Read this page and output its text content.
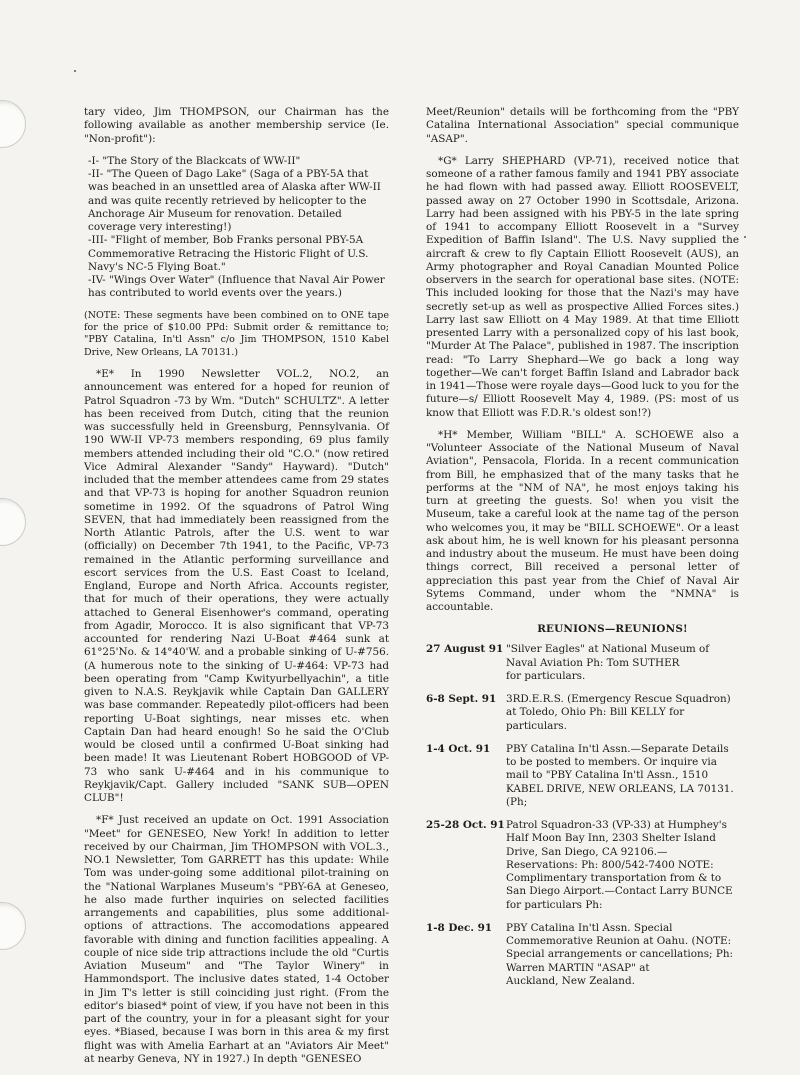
tary video, Jim THOMPSON, our Chairman has the following available as another membership service (Ie. "Non-profit"):

-I- "The Story of the Blackcats of WW-II"
-II- "The Queen of Dago Lake" (Saga of a PBY-5A that was beached in an unsettled area of Alaska after WW-II and was quite recently retrieved by helicopter to the Anchorage Air Museum for renovation. Detailed coverage very interesting!)
-III- "Flight of member, Bob Franks personal PBY-5A Commemorative Retracing the Historic Flight of U.S. Navy's NC-5 Flying Boat."
-IV- "Wings Over Water" (Influence that Naval Air Power has contributed to world events over the years.)

(NOTE: These segments have been combined on to ONE tape for the price of $10.00 PPd: Submit order & remittance to; "PBY Catalina, In'tl Assn" c/o Jim THOMPSON, 1510 Kabel Drive, New Orleans, LA 70131.)

*E* In 1990 Newsletter VOL.2, NO.2, an announcement was entered for a hoped for reunion of Patrol Squadron -73 by Wm. "Dutch" SCHULTZ". A letter has been received from Dutch, citing that the reunion was successfully held in Greensburg, Pennsylvania. Of 190 WW-II VP-73 members responding, 69 plus family members attended including their old "C.O." (now retired Vice Admiral Alexander "Sandy" Hayward). "Dutch" included that the member attendees came from 29 states and that VP-73 is hoping for another Squadron reunion sometime in 1992. Of the squadrons of Patrol Wing SEVEN, that had immediately been reassigned from the North Atlantic Patrols, after the U.S. went to war (officially) on December 7th 1941, to the Pacific, VP-73 remained in the Atlantic performing surveillance and escort services from the U.S. East Coast to Iceland, England, Europe and North Africa. Accounts register, that for much of their operations, they were actually attached to General Eisenhower's command, operating from Agadir, Morocco. It is also significant that VP-73 accounted for rendering Nazi U-Boat #464 sunk at 61°25'No. & 14°40'W. and a probable sinking of U-#756. (A humerous note to the sinking of U-#464: VP-73 had been operating from "Camp Kwityurbellyachin", a title given to N.A.S. Reykjavik while Captain Dan GALLERY was base commander. Repeatedly pilot-officers had been reporting U-Boat sightings, near misses etc. when Captain Dan had heard enough! So he said the O'Club would be closed until a confirmed U-Boat sinking had been made! It was Lieutenant Robert HOBGOOD of VP-73 who sank U-#464 and in his communique to Reykjavik/Capt. Gallery included "SANK SUB—OPEN CLUB"!

*F* Just received an update on Oct. 1991 Association "Meet" for GENESEO, New York! In addition to letter received by our Chairman, Jim THOMPSON with VOL.3., NO.1 Newsletter, Tom GARRETT has this update: While Tom was under-going some additional pilot-training on the "National Warplanes Museum's "PBY-6A at Geneseo, he also made further inquiries on selected facilities arrangements and capabilities, plus some additional-options of attractions. The accomodations appeared favorable with dining and function facilities appealing. A couple of nice side trip attractions include the old "Curtis Aviation Museum" and "The Taylor Winery" in Hammondsport. The inclusive dates stated, 1-4 October in Jim T's letter is still coinciding just right. (From the editor's biased* point of view, if you have not been in this part of the country, your in for a pleasant sight for your eyes. *Biased, because I was born in this area & my first flight was with Amelia Earhart at an "Aviators Air Meet" at nearby Geneva, NY in 1927.) In depth "GENESEO

Meet/Reunion" details will be forthcoming from the "PBY Catalina International Association" special communique "ASAP".

*G* Larry SHEPHARD (VP-71), received notice that someone of a rather famous family and 1941 PBY associate he had flown with had passed away. Elliott ROOSEVELT, passed away on 27 October 1990 in Scottsdale, Arizona. Larry had been assigned with his PBY-5 in the late spring of 1941 to accompany Elliott Roosevelt in a "Survey Expedition of Baffin Island". The U.S. Navy supplied the aircraft & crew to fly Captain Elliott Roosevelt (AUS), an Army photographer and Royal Canadian Mounted Police observers in the search for operational base sites. (NOTE: This included looking for those that the Nazi's may have secretly set-up as well as prospective Allied Forces sites.) Larry last saw Elliott on 4 May 1989. At that time Elliott presented Larry with a personalized copy of his last book, "Murder At The Palace", published in 1987. The inscription read: "To Larry Shephard—We go back a long way together—We can't forget Baffin Island and Labrador back in 1941—Those were royale days—Good luck to you for the future—s/ Elliott Roosevelt May 4, 1989. (PS: most of us know that Elliott was F.D.R.'s oldest son!?)

*H* Member, William "BILL" A. SCHOEWE also a "Volunteer Associate of the National Museum of Naval Aviation", Pensacola, Florida. In a recent communication from Bill, he emphasized that of the many tasks that he performs at the "NM of NA", he most enjoys taking his turn at greeting the guests. So! when you visit the Museum, take a careful look at the name tag of the person who welcomes you, it may be "BILL SCHOEWE". Or a least ask about him, he is well known for his pleasant personna and industry about the museum. He must have been doing things correct, Bill received a personal letter of appreciation this past year from the Chief of Naval Air Sytems Command, under whom the "NMNA" is accountable.

REUNIONS—REUNIONS!
27 August 91 "Silver Eagles" at National Museum of Naval Aviation Ph: Tom SUTHER
for particulars.
6-8 Sept. 91 3RD.E.R.S. (Emergency Rescue Squadron) at Toledo, Ohio Ph: Bill KELLY for particulars.
1-4 Oct. 91	PBY Catalina In'tl Assn.—Separate Details to be posted to members. Or inquire via mail to "PBY Catalina In'tl Assn., 1510 KABEL DRIVE, NEW ORLEANS, LA 70131. (Ph;
25-28 Oct. 91 Patrol Squadron-33 (VP-33) at Humphey's Half Moon Bay Inn, 2303 Shelter Island Drive, San Diego, CA 92106.—Reservations: Ph: 800/542-7400 NOTE: Complimentary transportation from & to San Diego Airport.—Contact Larry BUNCE for particulars Ph:
1-8 Dec. 91	PBY Catalina In'tl Assn. Special Commemorative Reunion at Oahu. (NOTE: Special arrangements or cancellations; Ph: Warren MARTIN "ASAP" at
Auckland, New Zealand.
